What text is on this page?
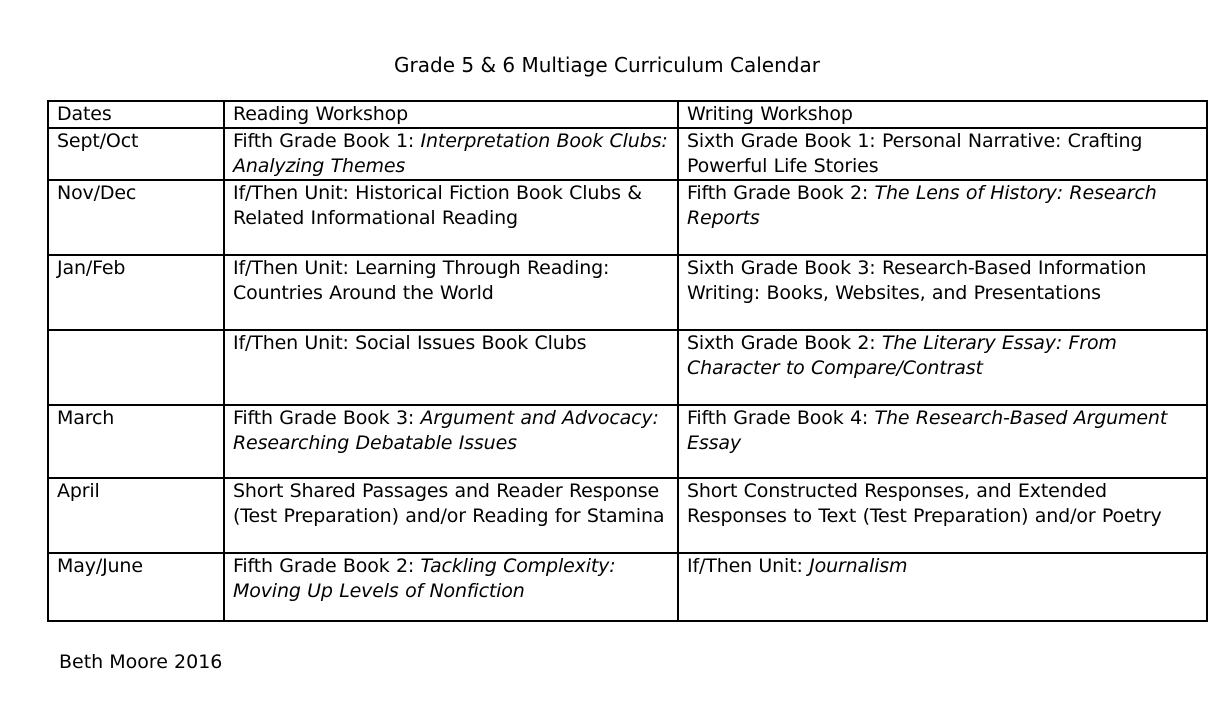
Grade 5 & 6 Multiage Curriculum Calendar
Dates	Reading Workshop	Writing Workshop
Sept/Oct	Fifth Grade Book 1: Interpretation Book Clubs: Analyzing Themes	Sixth Grade Book 1: Personal Narrative: Crafting Powerful Life Stories
Nov/Dec	If/Then Unit: Historical Fiction Book Clubs & Related Informational Reading	Fifth Grade Book 2: The Lens of History: Research Reports
Jan/Feb	If/Then Unit: Learning Through Reading: Countries Around the World	Sixth Grade Book 3: Research-Based Information Writing: Books, Websites, and Presentations
	If/Then Unit: Social Issues Book Clubs	Sixth Grade Book 2: The Literary Essay: From Character to Compare/Contrast
March	Fifth Grade Book 3: Argument and Advocacy: Researching Debatable Issues	Fifth Grade Book 4: The Research-Based Argument Essay
April	Short Shared Passages and Reader Response (Test Preparation) and/or Reading for Stamina	Short Constructed Responses, and Extended Responses to Text (Test Preparation) and/or Poetry
May/June	Fifth Grade Book 2: Tackling Complexity: Moving Up Levels of Nonfiction	If/Then Unit: Journalism
Beth Moore 2016
